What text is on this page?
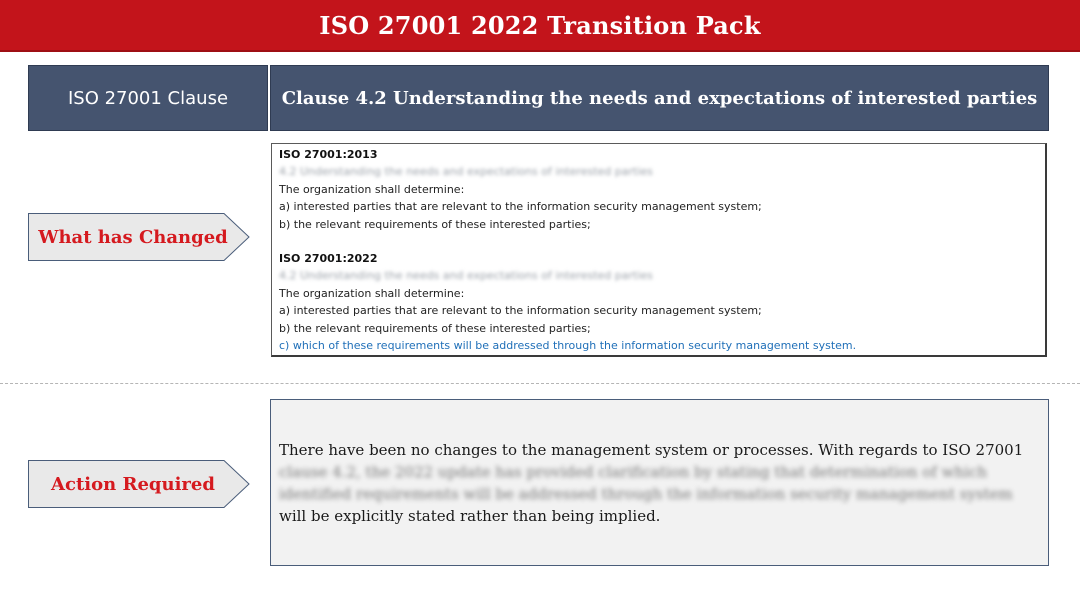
ISO 27001 2022 Transition Pack
ISO 27001 Clause	Clause 4.2 Understanding the needs and expectations of interested parties
What has Changed
ISO 27001:2013
4.2 Understanding the needs and expectations of interested parties
The organization shall determine:
a) interested parties that are relevant to the information security management system;
b) the relevant requirements of these interested parties;
ISO 27001:2022
4.2 Understanding the needs and expectations of interested parties
The organization shall determine:
a) interested parties that are relevant to the information security management system;
b) the relevant requirements of these interested parties;
c) which of these requirements will be addressed through the information security management system.
Action Required
There have been no changes to the management system or processes. With regards to ISO 27001
clause 4.2, the 2022 update has provided clarification by stating that determination of which
identified requirements will be addressed through the information security management system
will be explicitly stated rather than being implied.
